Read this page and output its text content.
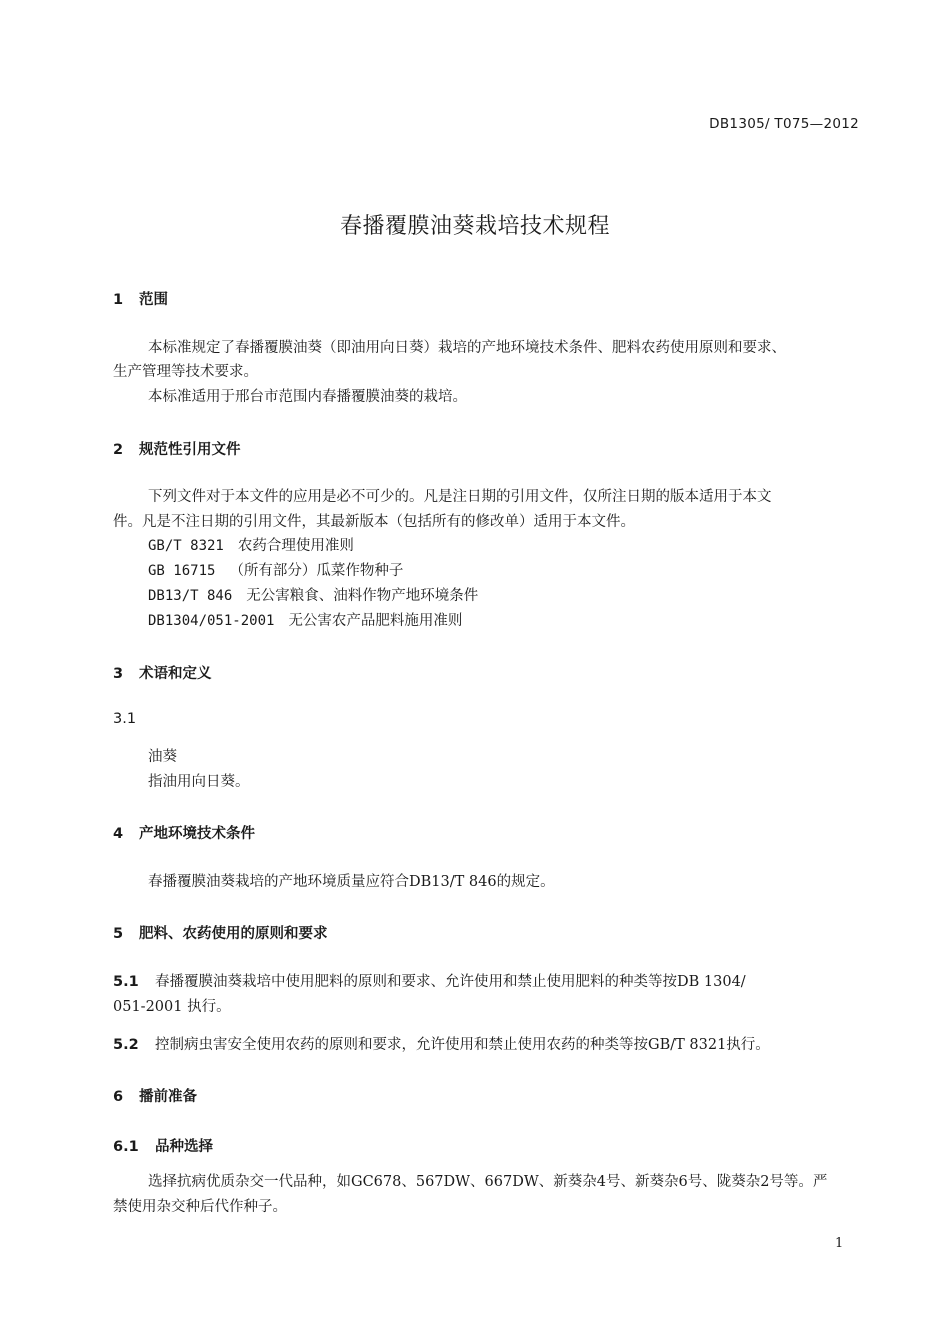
DB1305/ T075—2012
春播覆膜油葵栽培技术规程
1 范围
本标准规定了春播覆膜油葵（即油用向日葵）栽培的产地环境技术条件、肥料农药使用原则和要求、
生产管理等技术要求。
本标准适用于邢台市范围内春播覆膜油葵的栽培。
2 规范性引用文件
下列文件对于本文件的应用是必不可少的。凡是注日期的引用文件，仅所注日期的版本适用于本文
件。凡是不注日期的引用文件，其最新版本（包括所有的修改单）适用于本文件。
GB/T 8321 农药合理使用准则
GB 16715 （所有部分）瓜菜作物种子
DB13/T 846 无公害粮食、油料作物产地环境条件
DB1304/051-2001 无公害农产品肥料施用准则
3 术语和定义
3.1
油葵
指油用向日葵。
4 产地环境技术条件
春播覆膜油葵栽培的产地环境质量应符合DB13/T 846的规定。
5 肥料、农药使用的原则和要求
5.1 春播覆膜油葵栽培中使用肥料的原则和要求、允许使用和禁止使用肥料的种类等按DB 1304/
051-2001 执行。
5.2 控制病虫害安全使用农药的原则和要求，允许使用和禁止使用农药的种类等按GB/T 8321执行。
6 播前准备
6.1 品种选择
选择抗病优质杂交一代品种，如GC678、567DW、667DW、新葵杂4号、新葵杂6号、陇葵杂2号等。严
禁使用杂交种后代作种子。
1
